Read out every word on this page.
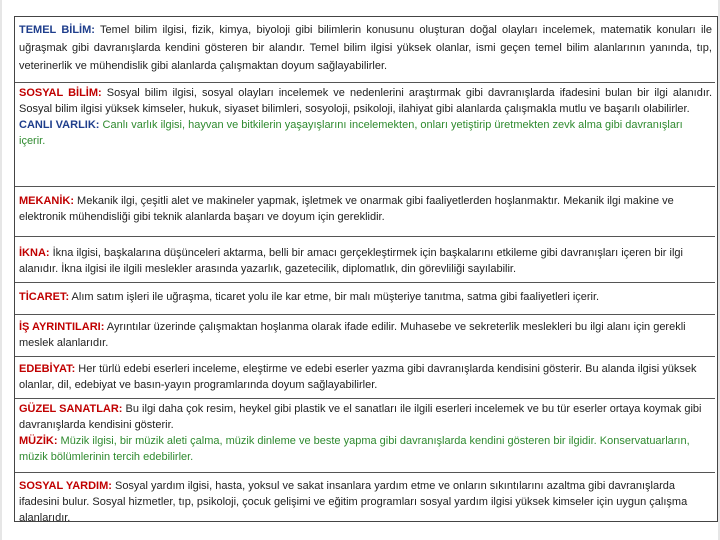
TEMEL BİLİM: Temel bilim ilgisi, fizik, kimya, biyoloji gibi bilimlerin konusunu oluşturan doğal olayları incelemek, matematik konuları ile uğraşmak gibi davranışlarda kendini gösteren bir alandır. Temel bilim ilgisi yüksek olanlar, ismi geçen temel bilim alanlarının yanında, tıp, veterinerlik ve mühendislik gibi alanlarda çalışmaktan doyum sağlayabilirler.
SOSYAL BİLİM: Sosyal bilim ilgisi, sosyal olayları incelemek ve nedenlerini araştırmak gibi davranışlarda ifadesini bulan bir ilgi alanıdır. Sosyal bilim ilgisi yüksek kimseler, hukuk, siyaset bilimleri, sosyoloji, psikoloji, ilahiyat gibi alanlarda çalışmakla mutlu ve başarılı olabilirler.
CANLI VARLIK: Canlı varlık ilgisi, hayvan ve bitkilerin yaşayışlarını incelemekten, onları yetiştirip üretmekten zevk alma gibi davranışları içerir.
MEKANİK: Mekanik ilgi, çeşitli alet ve makineler yapmak, işletmek ve onarmak gibi faaliyetlerden hoşlanmaktır. Mekanik ilgi makine ve elektronik mühendisliği gibi teknik alanlarda başarı ve doyum için gereklidir.
İKNA: İkna ilgisi, başkalarına düşünceleri aktarma, belli bir amacı gerçekleştirmek için başkalarını etkileme gibi davranışları içeren bir ilgi alanıdır. İkna ilgisi ile ilgili meslekler arasında yazarlık, gazetecilik, diplomatlık, din görevliliği sayılabilir.
TİCARET: Alım satım işleri ile uğraşma, ticaret yolu ile kar etme, bir malı müşteriye tanıtma, satma gibi faaliyetleri içerir.
İŞ AYRINTILARI: Ayrıntılar üzerinde çalışmaktan hoşlanma olarak ifade edilir. Muhasebe ve sekreterlik meslekleri bu ilgi alanı için gerekli meslek alanlarıdır.
EDEBİYAT: Her türlü edebi eserleri inceleme, eleştirme ve edebi eserler yazma gibi davranışlarda kendisini gösterir. Bu alanda ilgisi yüksek olanlar, dil, edebiyat ve basın-yayın programlarında doyum sağlayabilirler.
GÜZEL SANATLAR: Bu ilgi daha çok resim, heykel gibi plastik ve el sanatları ile ilgili eserleri incelemek ve bu tür eserler ortaya koymak gibi davranışlarda kendisini gösterir.
MÜZİK: Müzik ilgisi, bir müzik aleti çalma, müzik dinleme ve beste yapma gibi davranışlarda kendini gösteren bir ilgidir. Konservatuarların, müzik bölümlerinin tercih edebilirler.
SOSYAL YARDIM: Sosyal yardım ilgisi, hasta, yoksul ve sakat insanlara yardım etme ve onların sıkıntılarını azaltma gibi davranışlarda ifadesini bulur. Sosyal hizmetler, tıp, psikoloji, çocuk gelişimi ve eğitim programları sosyal yardım ilgisi yüksek kimseler için uygun çalışma alanlarıdır.
